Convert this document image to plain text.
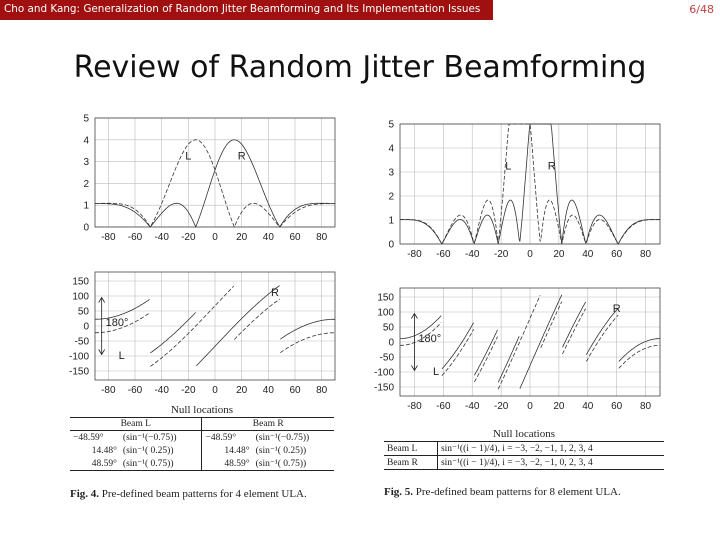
Cho and Kang: Generalization of Random Jitter Beamforming and Its Implementation Issues	6/48
Review of Random Jitter Beamforming
5
4
3
2
1
0
-80 -60 -40 -20 0 20 40 60 80
L	R
150
100
50
0
-50
-100
-150
-80 -60 -40 -20 0 20 40 60 80
L
R
180°
5
4
3
2
1
0
-80 -60 -40 -20 0 20 40 60 80
L	R
150
100
50
0
-50
-100
-150
-80 -60 -40 -20 0 20 40 60 80
L
R
180°
Null locations			
Beam L		Beam R	
−48.59°	(sin⁻¹(−0.75))	−48.59°	(sin⁻¹(−0.75))
14.48°	(sin⁻¹( 0.25))	14.48°	(sin⁻¹( 0.25))
48.59°	(sin⁻¹( 0.75))	48.59°	(sin⁻¹( 0.75))
Fig. 4. Pre-defined beam patterns for 4 element ULA.
Null locations	
Beam L	sin⁻¹((i − 1)/4), i = −3, −2, −1, 1, 2, 3, 4
Beam R	sin⁻¹((i − 1)/4), i = −3, −2, −1, 0, 2, 3, 4
Fig. 5. Pre-defined beam patterns for 8 element ULA.
